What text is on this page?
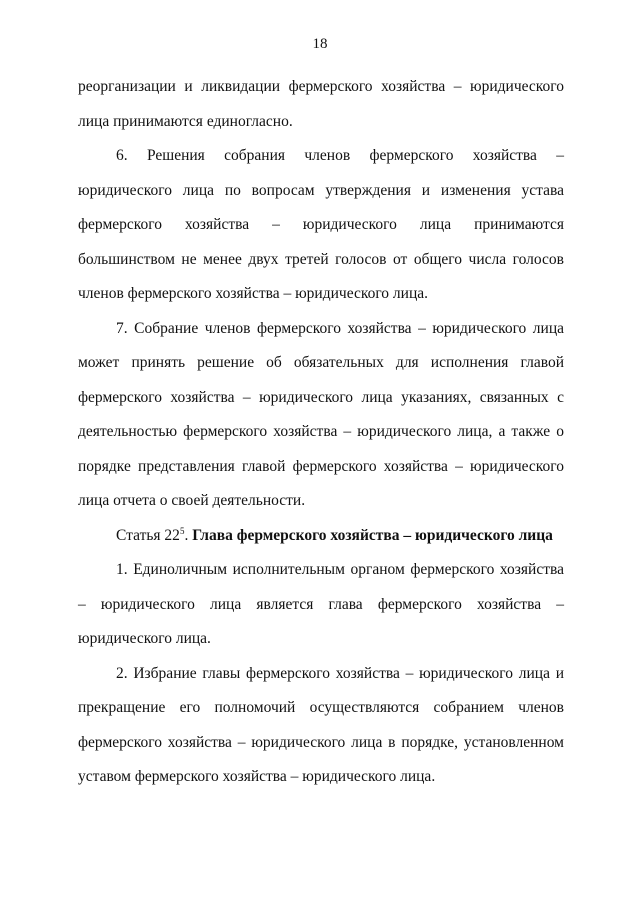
18

реорганизации и ликвидации фермерского хозяйства – юридического лица принимаются единогласно.

6. Решения собрания членов фермерского хозяйства – юридического лица по вопросам утверждения и изменения устава фермерского хозяйства – юридического лица принимаются большинством не менее двух третей голосов от общего числа голосов членов фермерского хозяйства – юридического лица.

7. Собрание членов фермерского хозяйства – юридического лица может принять решение об обязательных для исполнения главой фермерского хозяйства – юридического лица указаниях, связанных с деятельностью фермерского хозяйства – юридического лица, а также о порядке представления главой фермерского хозяйства – юридического лица отчета о своей деятельности.

Статья $22^5$. Глава фермерского хозяйства – юридического лица

1. Единоличным исполнительным органом фермерского хозяйства – юридического лица является глава фермерского хозяйства – юридического лица.

2. Избрание главы фермерского хозяйства – юридического лица и прекращение его полномочий осуществляются собранием членов фермерского хозяйства – юридического лица в порядке, установленном уставом фермерского хозяйства – юридического лица.
